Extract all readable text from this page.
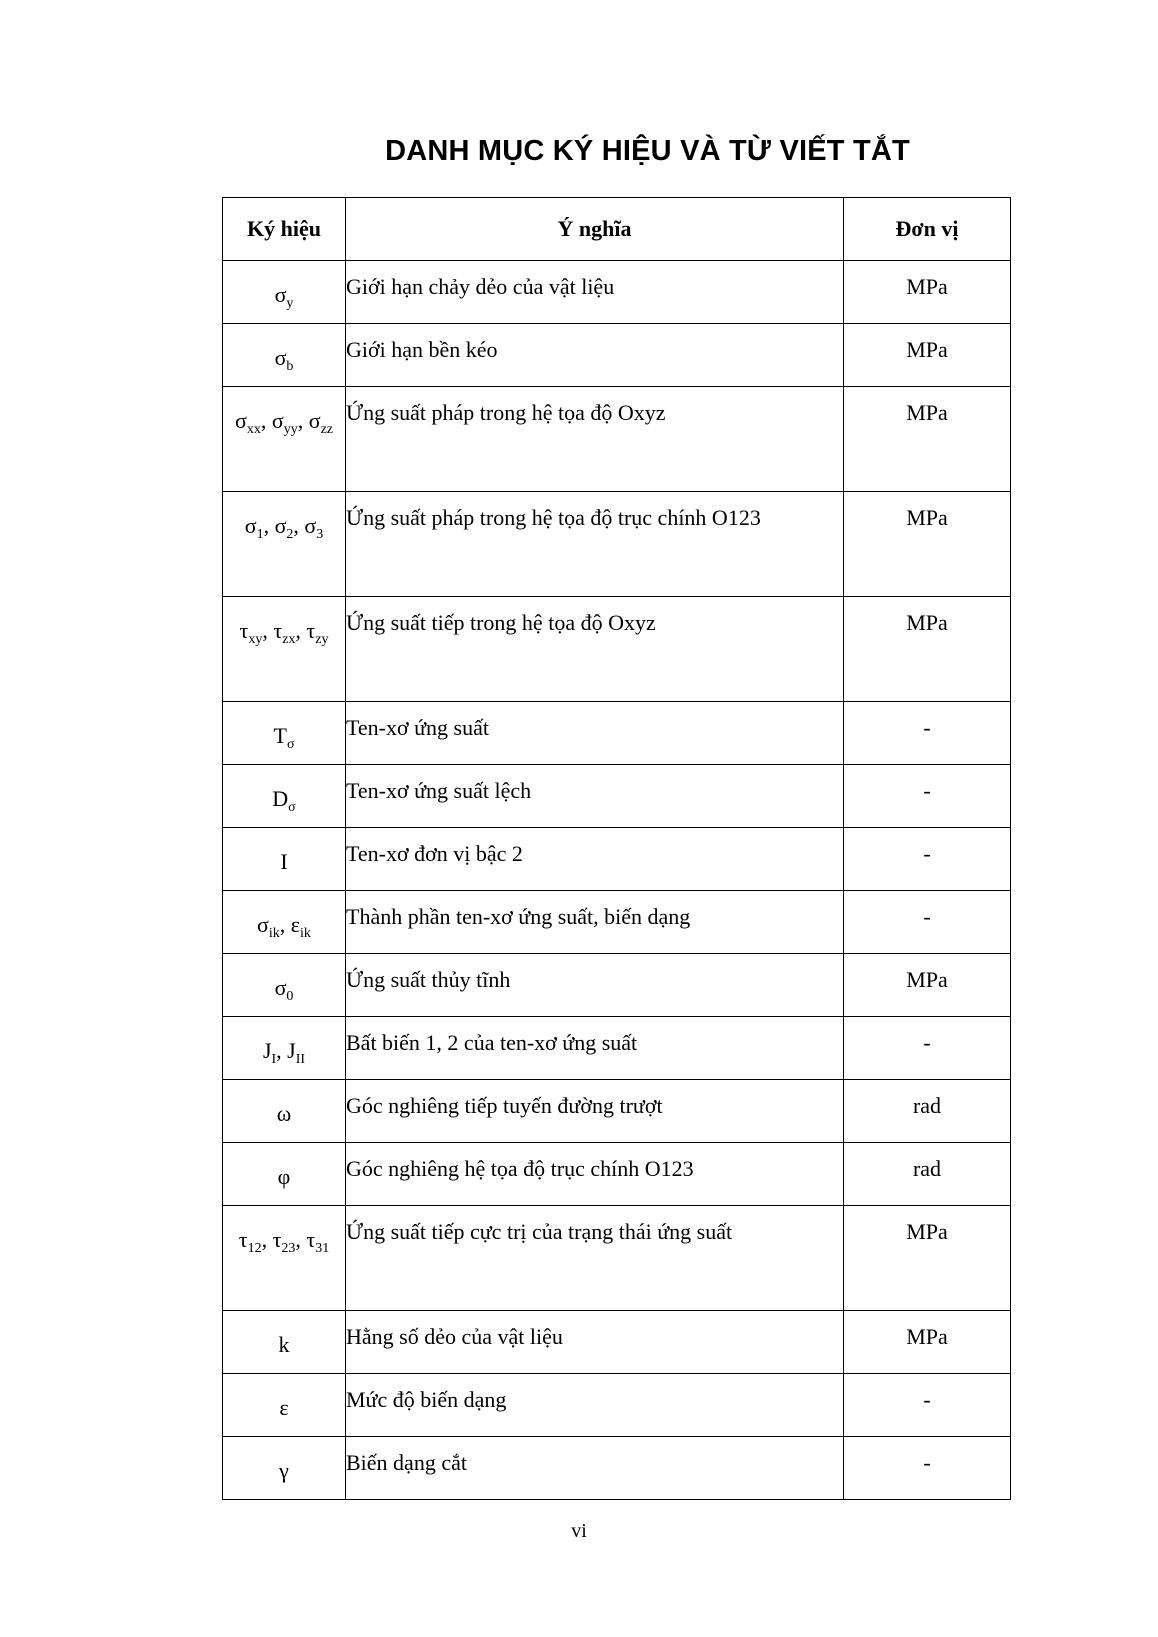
DANH MỤC KÝ HIỆU VÀ TỪ VIẾT TẮT
Ký hiệu	Ý nghĩa	Đơn vị
$\sigma_y$	Giới hạn chảy dẻo của vật liệu	MPa
$\sigma_b$	Giới hạn bền kéo	MPa
$\sigma_{xx}$, $\sigma_{yy}$, $\sigma_{zz}$	Ứng suất pháp trong hệ tọa độ Oxyz	MPa
$\sigma_1$, $\sigma_2$, $\sigma_3$	Ứng suất pháp trong hệ tọa độ trục chính O123	MPa
$\tau_{xy}$, $\tau_{zx}$, $\tau_{zy}$	Ứng suất tiếp trong hệ tọa độ Oxyz	MPa
$T_\sigma$	Ten-xơ ứng suất	-
$D_\sigma$	Ten-xơ ứng suất lệch	-
I	Ten-xơ đơn vị bậc 2	-
$\sigma_{ik}$, $\varepsilon_{ik}$	Thành phần ten-xơ ứng suất, biến dạng	-
$\sigma_0$	Ứng suất thủy tĩnh	MPa
$J_I$, $J_{II}$	Bất biến 1, 2 của ten-xơ ứng suất	-
ω	Góc nghiêng tiếp tuyến đường trượt	rad
φ	Góc nghiêng hệ tọa độ trục chính O123	rad
$\tau_{12}$, $\tau_{23}$, $\tau_{31}$	Ứng suất tiếp cực trị của trạng thái ứng suất	MPa
k	Hằng số dẻo của vật liệu	MPa
ε	Mức độ biến dạng	-
γ	Biến dạng cắt	-
vi
